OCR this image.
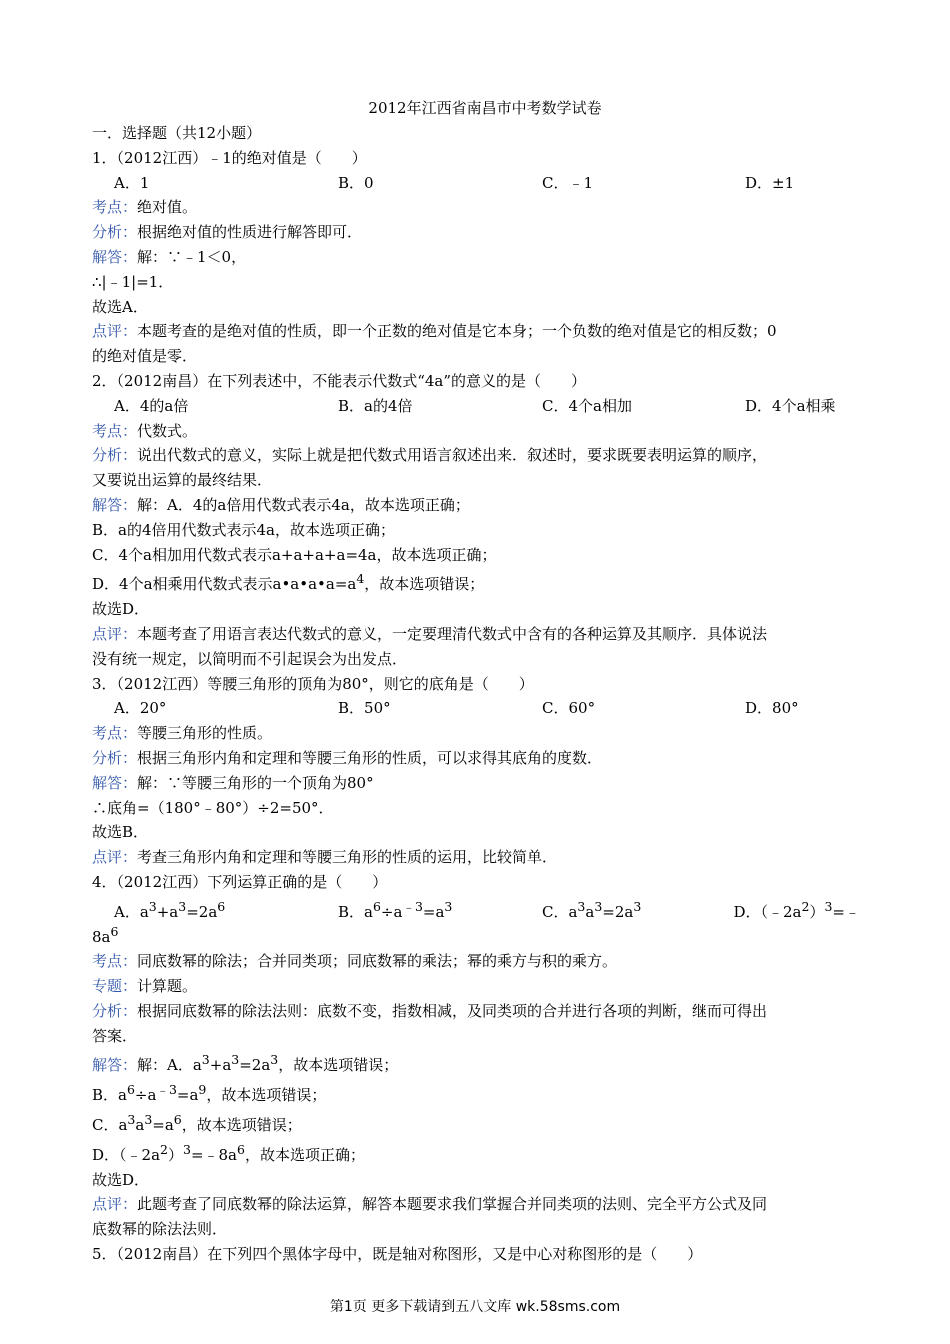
2012年江西省南昌市中考数学试卷
一．选择题（共12小题）
1．（2012江西）﹣1的绝对值是（　　）
A．1	B．0	C．﹣1	D．±1
考点：绝对值。
分析：根据绝对值的性质进行解答即可．
解答：解：∵﹣1＜0，
∴|﹣1|=1．
故选A．
点评：本题考查的是绝对值的性质，即一个正数的绝对值是它本身；一个负数的绝对值是它的相反数；0
的绝对值是零．
2．（2012南昌）在下列表述中，不能表示代数式“4a”的意义的是（　　）
A．4的a倍	B．a的4倍	C．4个a相加	D．4个a相乘
考点：代数式。
分析：说出代数式的意义，实际上就是把代数式用语言叙述出来．叙述时，要求既要表明运算的顺序，
又要说出运算的最终结果．
解答：解：A．4的a倍用代数式表示4a，故本选项正确；
B．a的4倍用代数式表示4a，故本选项正确；
C．4个a相加用代数式表示a+a+a+a=4a，故本选项正确；
D．4个a相乘用代数式表示$a•a•a•a=a^4$，故本选项错误；
故选D．
点评：本题考查了用语言表达代数式的意义，一定要理清代数式中含有的各种运算及其顺序．具体说法
没有统一规定，以简明而不引起误会为出发点．
3．（2012江西）等腰三角形的顶角为80°，则它的底角是（　　）
A．20°	B．50°	C．60°	D．80°
考点：等腰三角形的性质。
分析：根据三角形内角和定理和等腰三角形的性质，可以求得其底角的度数．
解答：解：∵等腰三角形的一个顶角为80°
∴底角=（180°﹣80°）÷2=50°．
故选B．
点评：考查三角形内角和定理和等腰三角形的性质的运用，比较简单．
4．（2012江西）下列运算正确的是（　　）
A．$a^3+a^3=2a^6$	B．$a^6\div a^{﹣3}=a^3$	C．$a^3a^3=2a^3$	D．$(﹣2a^2)^3=﹣$
$8a^6$
考点：同底数幂的除法；合并同类项；同底数幂的乘法；幂的乘方与积的乘方。
专题：计算题。
分析：根据同底数幂的除法法则：底数不变，指数相减，及同类项的合并进行各项的判断，继而可得出
答案．
解答：解：A．$a^3+a^3=2a^3$，故本选项错误；
B．$a^6\div a^{﹣3}=a^9$，故本选项错误；
C．$a^3a^3=a^6$，故本选项错误；
D．$(﹣2a^2)^3=﹣8a^6$，故本选项正确；
故选D．
点评：此题考查了同底数幂的除法运算，解答本题要求我们掌握合并同类项的法则、完全平方公式及同
底数幂的除法法则．
5．（2012南昌）在下列四个黑体字母中，既是轴对称图形，又是中心对称图形的是（　　）
第1页 更多下载请到五八文库 wk.58sms.com
